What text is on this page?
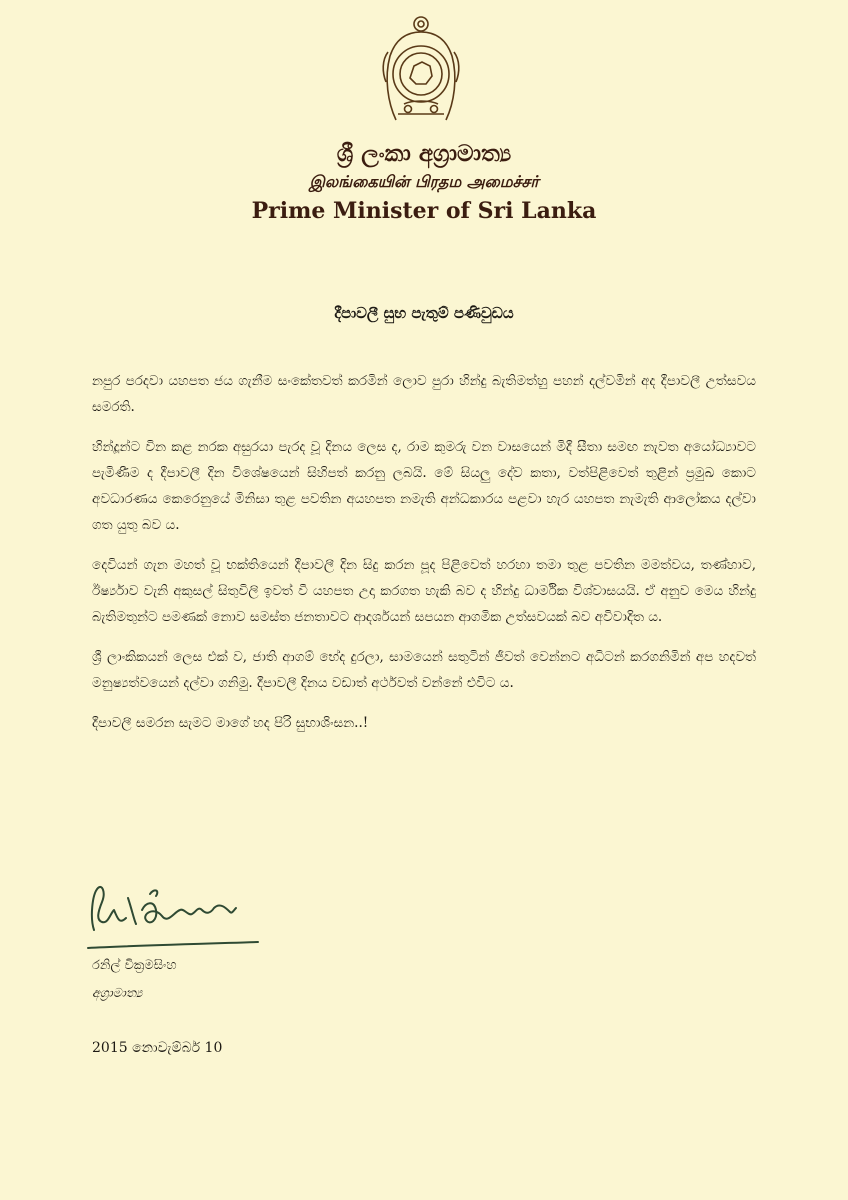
ශ්‍රී ලංකා අග්‍රාමාත්‍ය
இலங்கையின் பிரதம அமைச்சர்
Prime Minister of Sri Lanka
දීපාවලී සුභ පැතුම් පණිවුඩය

නපුර පරදවා යහපත ජය ගැනීම සංකේතවත් කරමින් ලොව පුරා හින්දු බැතිමත්හු පහන් දල්වමින් අද දීපාවලී උත්සවය සමරති.

හින්දූන්ට වින කළ නරක අසුරයා පැරද වූ දිනය ලෙස ද, රාම කුමරු වන වාසයෙන් මිදී සීතා සමඟ නැවත අයෝධ්‍යාවට පැමිණීම ද දීපාවලී දින විශේෂයෙන් සිහිපත් කරනු ලබයි. මේ සියලු දේව කතා, වත්පිළිවෙත් තුළින් ප්‍රමුඛ කොට අවධාරණය කෙරෙනුයේ මිනිසා තුළ පවතින අයහපත නමැති අන්ධකාරය පළවා හැර යහපත නැමැති ආලෝකය දල්වා ගත යුතු බව ය.

දෙවියන් ගැන මහත් වූ භක්තියෙන් දීපාවලී දින සිදු කරන පූද පිළිවෙත් හරහා තමා තුළ පවතින මමත්වය, තණ්හාව, ඊර්ෂ්‍යාව වැනි අකුසල් සිතුවිලි ඉවත් වී යහපත උදා කරගත හැකි බව ද හින්දු ධාර්මික විශ්වාසයයි. ඒ අනුව මෙය හින්දු බැතිමතුන්ට පමණක් නොව සමස්ත ජනතාවට ආදර්ශයන් සපයන ආගමික උත්සවයක් බව අවිවාදිත ය.

ශ්‍රී ලාංකිකයන් ලෙස එක් ව, ජාති ආගම් භේද දුරලා, සාමයෙන් සතුටින් ජීවත් වෙන්නට අධිටන් කරගනිමින් අප හදවත් මනුෂ්‍යත්වයෙන් දල්වා ගනිමු. දීපාවලී දිනය වඩාත් අර්ථවත් වන්නේ එවිට ය.

දීපාවලී සමරන සැමට මාගේ හද පිරි සුභාශිංසන..!

රනිල් වික්‍රමසිංහ
අග්‍රාමාත්‍ය
2015 නොවැම්බර් 10
